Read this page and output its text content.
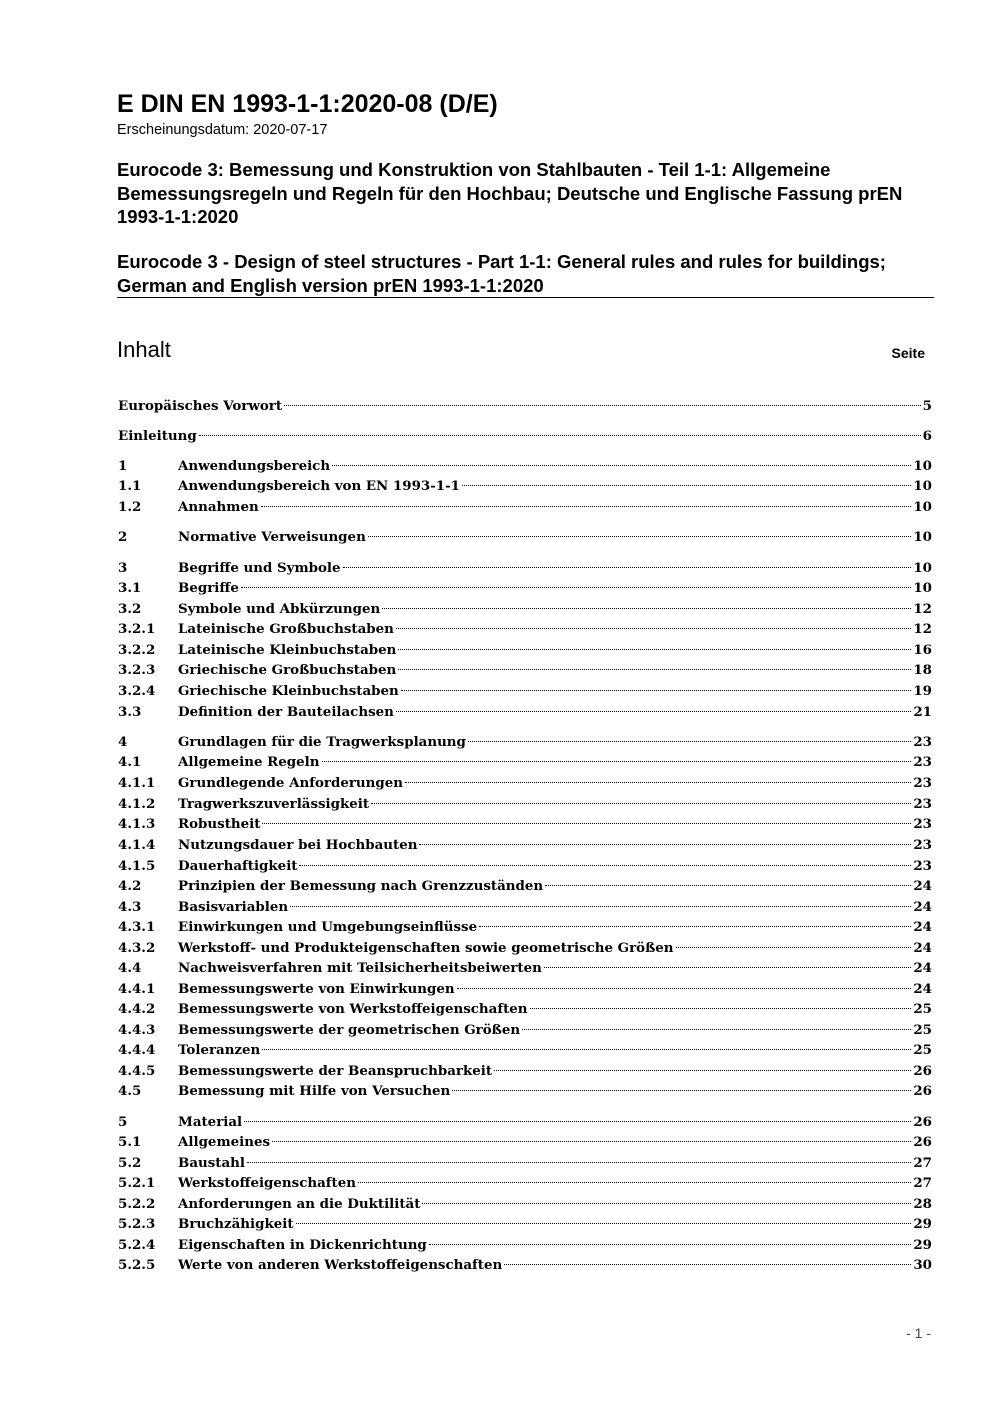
E DIN EN 1993-1-1:2020-08 (D/E)
Erscheinungsdatum: 2020-07-17
Eurocode 3: Bemessung und Konstruktion von Stahlbauten - Teil 1-1: Allgemeine Bemessungsregeln und Regeln für den Hochbau; Deutsche und Englische Fassung prEN 1993-1-1:2020
Eurocode 3 - Design of steel structures - Part 1-1: General rules and rules for buildings; German and English version prEN 1993-1-1:2020
Inhalt	Seite
Europäisches Vorwort	5
Einleitung	6
1	Anwendungsbereich	10
1.1	Anwendungsbereich von EN 1993-1-1	10
1.2	Annahmen	10
2	Normative Verweisungen	10
3	Begriffe und Symbole	10
3.1	Begriffe	10
3.2	Symbole und Abkürzungen	12
3.2.1	Lateinische Großbuchstaben	12
3.2.2	Lateinische Kleinbuchstaben	16
3.2.3	Griechische Großbuchstaben	18
3.2.4	Griechische Kleinbuchstaben	19
3.3	Definition der Bauteilachsen	21
4	Grundlagen für die Tragwerksplanung	23
4.1	Allgemeine Regeln	23
4.1.1	Grundlegende Anforderungen	23
4.1.2	Tragwerkszuverlässigkeit	23
4.1.3	Robustheit	23
4.1.4	Nutzungsdauer bei Hochbauten	23
4.1.5	Dauerhaftigkeit	23
4.2	Prinzipien der Bemessung nach Grenzzuständen	24
4.3	Basisvariablen	24
4.3.1	Einwirkungen und Umgebungseinflüsse	24
4.3.2	Werkstoff- und Produkteigenschaften sowie geometrische Größen	24
4.4	Nachweisverfahren mit Teilsicherheitsbeiwerten	24
4.4.1	Bemessungswerte von Einwirkungen	24
4.4.2	Bemessungswerte von Werkstoffeigenschaften	25
4.4.3	Bemessungswerte der geometrischen Größen	25
4.4.4	Toleranzen	25
4.4.5	Bemessungswerte der Beanspruchbarkeit	26
4.5	Bemessung mit Hilfe von Versuchen	26
5	Material	26
5.1	Allgemeines	26
5.2	Baustahl	27
5.2.1	Werkstoffeigenschaften	27
5.2.2	Anforderungen an die Duktilität	28
5.2.3	Bruchzähigkeit	29
5.2.4	Eigenschaften in Dickenrichtung	29
5.2.5	Werte von anderen Werkstoffeigenschaften	30
- 1 -
